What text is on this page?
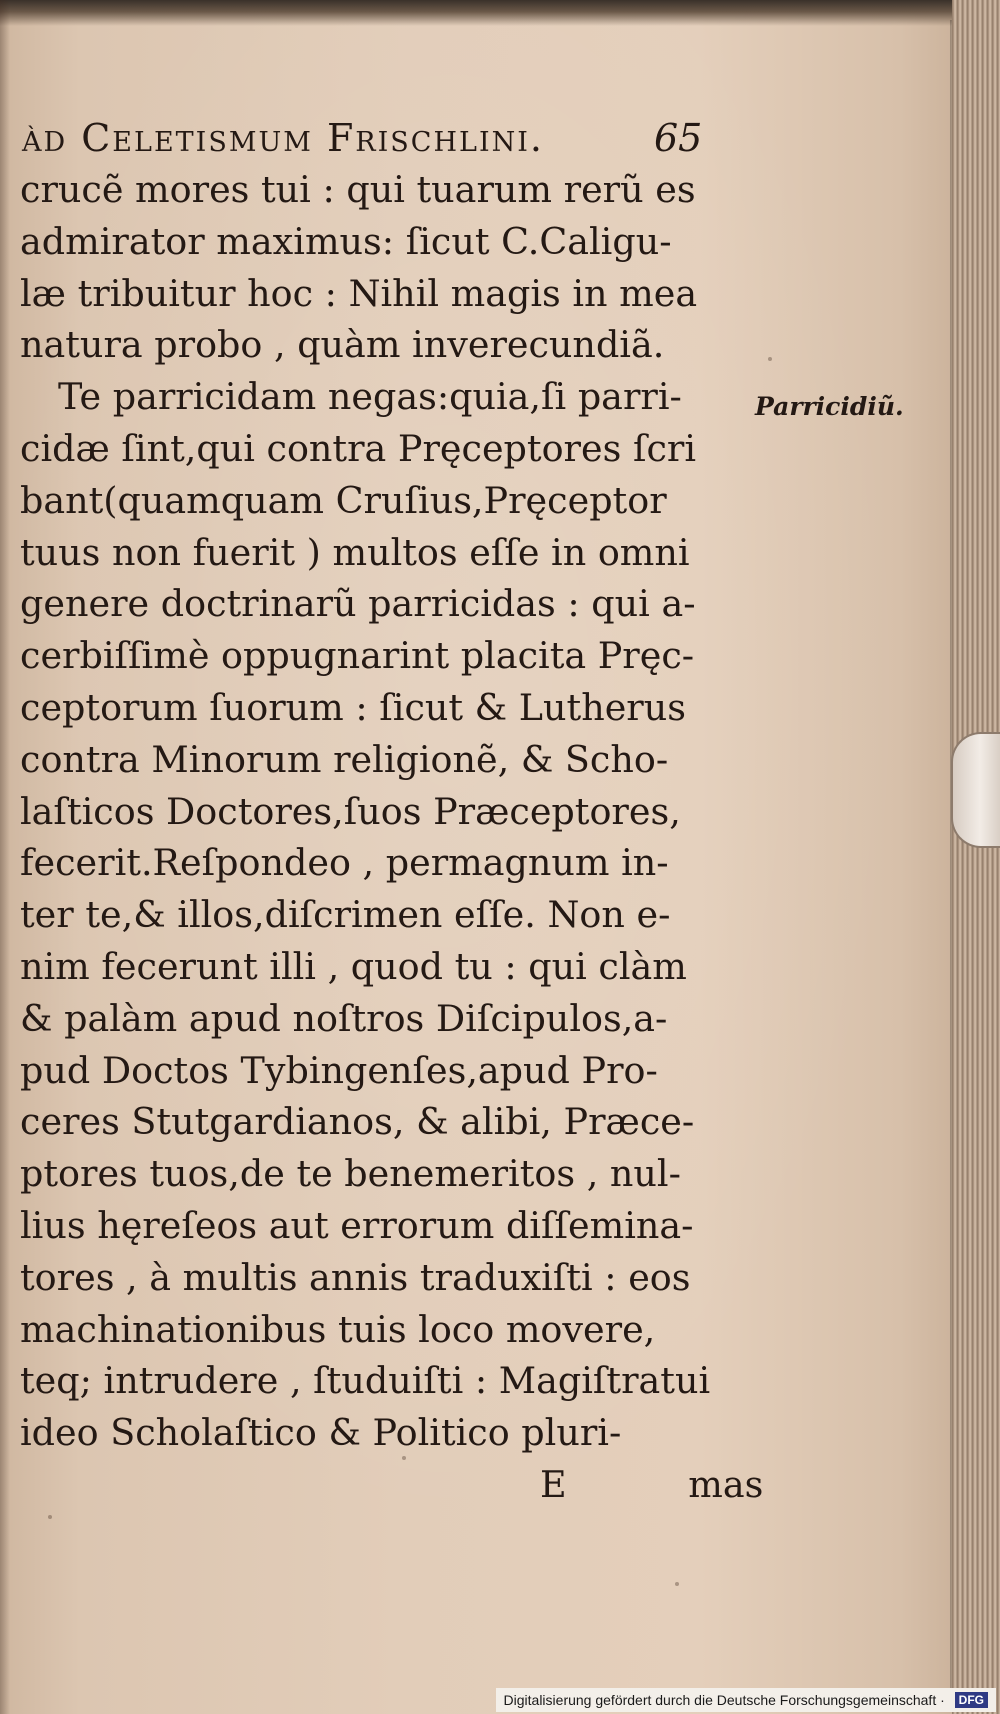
àd Celetismum Frischlini.	65
crucẽ mores tui : qui tuarum rerũ es
admirator maximus: ſicut C.Caligu-
læ tribuitur hoc : Nihil magis in mea
natura probo , quàm inverecundiã.
Te parricidam negas:quia,ſi parri-
cidæ ſint,qui contra Pręceptores ſcri
bant(quamquam Cruſius,Pręceptor
tuus non fuerit ) multos eſſe in omni
genere doctrinarũ parricidas : qui a-
cerbiſſimè oppugnarint placita Pręc-
ceptorum ſuorum : ſicut & Lutherus
contra Minorum religionẽ, & Scho-
laſticos Doctores,ſuos Præceptores,
fecerit.Reſpondeo , permagnum in-
ter te,& illos,diſcrimen eſſe. Non e-
nim fecerunt illi , quod tu : qui clàm
& palàm apud noſtros Diſcipulos,a-
pud Doctos Tybingenſes,apud Pro-
ceres Stutgardianos, & alibi, Præce-
ptores tuos,de te benemeritos , nul-
lius hęreſeos aut errorum diſſemina-
tores , à multis annis traduxiſti : eos
machinationibus tuis loco movere,
teq; intrudere , ſtuduiſti : Magiſtratui
ideo Scholaſtico & Politico pluri-
E	mas
Parricidiũ.
Digitalisierung gefördert durch die Deutsche Forschungsgemeinschaft · DFG
